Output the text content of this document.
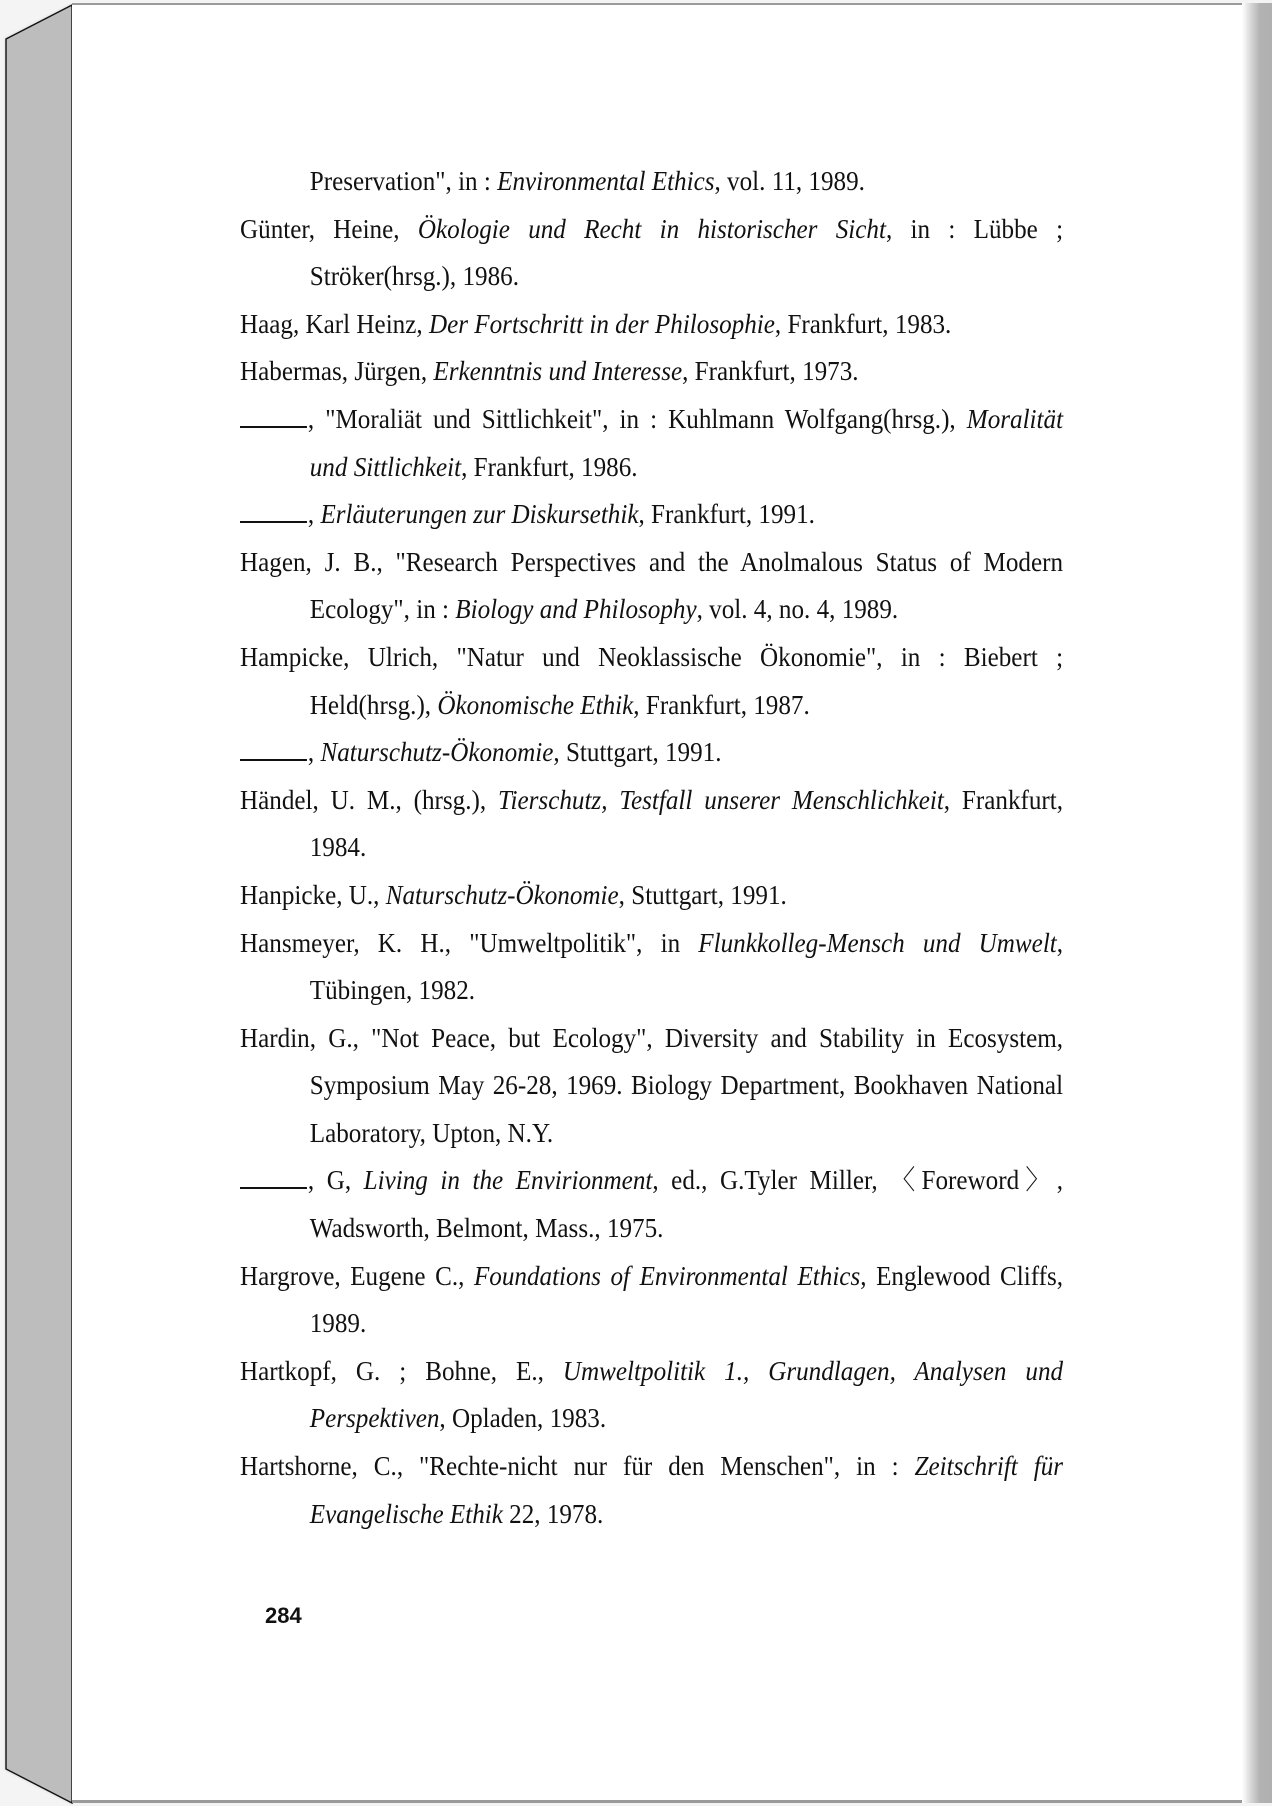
Preservation", in : Environmental Ethics, vol. 11, 1989.

Günter, Heine, Ökologie und Recht in historischer Sicht, in : Lübbe ; Ströker(hrsg.), 1986.

Haag, Karl Heinz, Der Fortschritt in der Philosophie, Frankfurt, 1983.

Habermas, Jürgen, Erkenntnis und Interesse, Frankfurt, 1973.

, "Moraliät und Sittlichkeit", in : Kuhlmann Wolfgang(hrsg.), Moralität und Sittlichkeit, Frankfurt, 1986.

, Erläuterungen zur Diskursethik, Frankfurt, 1991.

Hagen, J. B., "Research Perspectives and the Anolmalous Status of Modern Ecology", in : Biology and Philosophy, vol. 4, no. 4, 1989.

Hampicke, Ulrich, "Natur und Neoklassische Ökonomie", in : Biebert ; Held(hrsg.), Ökonomische Ethik, Frankfurt, 1987.

, Naturschutz-Ökonomie, Stuttgart, 1991.

Händel, U. M., (hrsg.), Tierschutz, Testfall unserer Menschlichkeit, Frankfurt, 1984.

Hanpicke, U., Naturschutz-Ökonomie, Stuttgart, 1991.

Hansmeyer, K. H., "Umweltpolitik", in Flunkkolleg-Mensch und Umwelt, Tübingen, 1982.

Hardin, G., "Not Peace, but Ecology", Diversity and Stability in Ecosystem, Symposium May 26-28, 1969. Biology Department, Bookhaven National Laboratory, Upton, N.Y.

, G, Living in the Envirionment, ed., G.Tyler Miller, 〈Foreword〉, Wadsworth, Belmont, Mass., 1975.

Hargrove, Eugene C., Foundations of Environmental Ethics, Englewood Cliffs, 1989.

Hartkopf, G. ; Bohne, E., Umweltpolitik 1., Grundlagen, Analysen und Perspektiven, Opladen, 1983.

Hartshorne, C., "Rechte-nicht nur für den Menschen", in : Zeitschrift für Evangelische Ethik 22, 1978.

284
